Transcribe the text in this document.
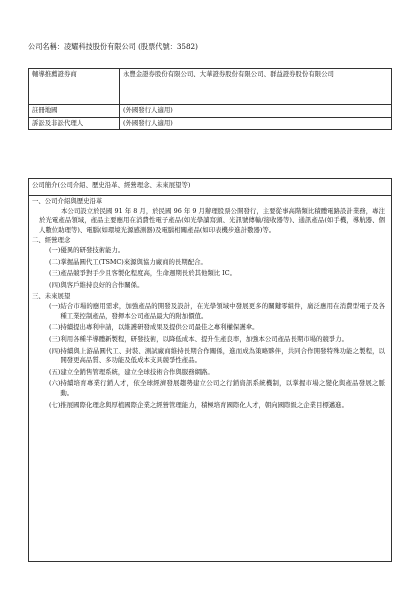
公司名稱：凌耀科技股份有限公司 (股票代號：3582)
輔導推薦證券商	永豐金證券股份有限公司、大華證券股份有限公司、群益證券股份有限公司
註冊地國	(外國發行人適用)
訴訟及非訟代理人	(外國發行人適用)
公司簡介(公司介紹、歷史沿革、經營理念、未來展望等)
一、公司介紹與歷史沿革
本公司設立於民國 91 年 8 月，於民國 96 年 9 月辦理股票公開發行，主要從事高階類比積體電路設計業務，專注於光電產品領域，產品主要應用在消費性電子產品(如光學讀寫頭、光訊號傳輸/接收器等)、通訊產品(如手機，導航器、個人數位助理等)、電腦(如環境光源感測器)及電腦相關產品(如印表機步進計數器)等。
二、經營理念
(一) 優異的研發技術能力。
(二) 掌握晶圓代工(TSMC)來源與協力廠商的長期配合。
(三) 產品競爭對手少且客製化程度高，生命週期長於其他類比 IC。
(四) 與客戶維持良好的合作關係。
三、未來展望
(一) 結合市場的應用需求，加強產品的開發及設計，在光學領域中發展更多的關鍵零組件，廣泛應用在消費型電子及各種工業控制產品，發揮本公司產品最大的附加價值。
(二) 持續提出專利申請，以維護研發成果及提供公司最佳之專利權保護傘。
(三) 利用各種半導體新製程，研發技術，以降低成本、提升生產良率，加強本公司產品長期市場的競爭力。
(四) 持續與上游晶圓代工、封裝、測試廠商維持長期合作關係，進而成為策略夥伴，共同合作開發特殊功能之製程，以開發更高品質、多功能及低成本支具競爭性產品。
(五) 建立全銷售管理系統，建立全球技術合作與服務網路。
(六) 持續培育專業行銷人才，依全球經濟發展趨勢建立公司之行銷資訊系統機制，以掌握市場之變化與產品發展之脈動。
(七) 推展國際化理念與厚植國際企業之經營管理能力，積極培育國際化人才，朝向國際級之企業目標邁進。
